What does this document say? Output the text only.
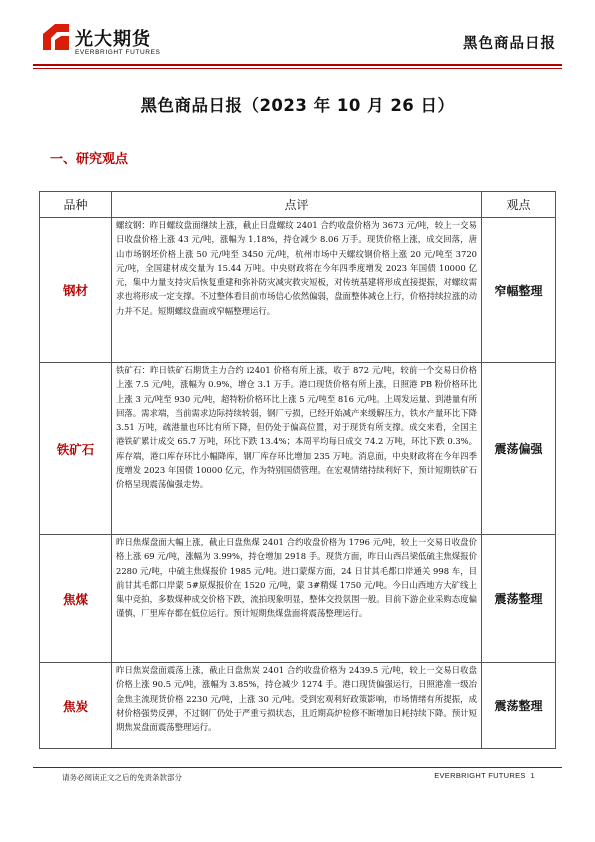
光大期货
EVERBRIGHT FUTURES
黑色商品日报
黑色商品日报（2023 年 10 月 26 日）
一、研究观点
品种	点评	观点
钢材	螺纹钢：昨日螺纹盘面继续上涨，截止日盘螺纹 2401 合约收盘价格为 3673 元/吨，较上一交易日收盘价格上涨 43 元/吨，涨幅为 1.18%，持仓减少 8.06 万手。现货价格上涨，成交回落，唐山市场钢坯价格上涨 50 元/吨至 3450 元/吨，杭州市场中天螺纹钢价格上涨 20 元/吨至 3720 元/吨，全国建材成交量为 15.44 万吨。中央财政将在今年四季度增发 2023 年国债 10000 亿元，集中力量支持灾后恢复重建和弥补防灾减灾救灾短板，对传统基建将形成直接提振，对螺纹需求也将形成一定支撑。不过整体看目前市场信心依然偏弱，盘面整体减仓上行，价格持续拉涨的动力并不足。短期螺纹盘面或窄幅整理运行。	窄幅整理
铁矿石	铁矿石：昨日铁矿石期货主力合约 i2401 价格有所上涨，收于 872 元/吨，较前一个交易日价格上涨 7.5 元/吨，涨幅为 0.9%，增仓 3.1 万手。港口现货价格有所上涨，日照港 PB 粉价格环比上涨 3 元/吨至 930 元/吨，超特粉价格环比上涨 5 元/吨至 816 元/吨。上周发运量、到港量有所回落。需求端，当前需求边际持续转弱，钢厂亏损，已经开始减产来缓解压力，铁水产量环比下降 3.51 万吨，疏港量也环比有所下降，但仍处于偏高位置，对于现货有所支撑。成交来看，全国主港铁矿累计成交 65.7 万吨，环比下跌 13.4%；本周平均每日成交 74.2 万吨，环比下跌 0.3%。库存端，港口库存环比小幅降库，钢厂库存环比增加 235 万吨。消息面，中央财政将在今年四季度增发 2023 年国债 10000 亿元，作为特别国债管理。在宏观情绪持续利好下，预计短期铁矿石价格呈现震荡偏强走势。	震荡偏强
焦煤	昨日焦煤盘面大幅上涨，截止日盘焦煤 2401 合约收盘价格为 1796 元/吨，较上一交易日收盘价格上涨 69 元/吨，涨幅为 3.99%，持仓增加 2918 手。现货方面，昨日山西吕梁低硫主焦煤报价 2280 元/吨，中硫主焦煤报价 1985 元/吨。进口蒙煤方面，24 日甘其毛都口岸通关 998 车，目前甘其毛都口岸蒙 5#原煤报价在 1520 元/吨，蒙 3#精煤 1750 元/吨。今日山西地方大矿线上集中竞拍，多数煤种成交价格下跌，流拍现象明显，整体交投氛围一般。目前下游企业采购态度偏谨慎，厂里库存都在低位运行。预计短期焦煤盘面将震荡整理运行。	震荡整理
焦炭	昨日焦炭盘面震荡上涨，截止日盘焦炭 2401 合约收盘价格为 2439.5 元/吨，较上一交易日收盘价格上涨 90.5 元/吨，涨幅为 3.85%，持仓减少 1274 手。港口现货偏强运行，日照港准一级冶金焦主流现货价格 2230 元/吨，上涨 30 元/吨。受到宏观利好政策影响，市场情绪有所提振，成材价格强势反弹，不过钢厂仍处于严重亏损状态，且近期高炉检修不断增加日耗持续下降。预计短期焦炭盘面震荡整理运行。	震荡整理
请务必阅读正文之后的免责条款部分	EVERBRIGHT FUTURES 1
